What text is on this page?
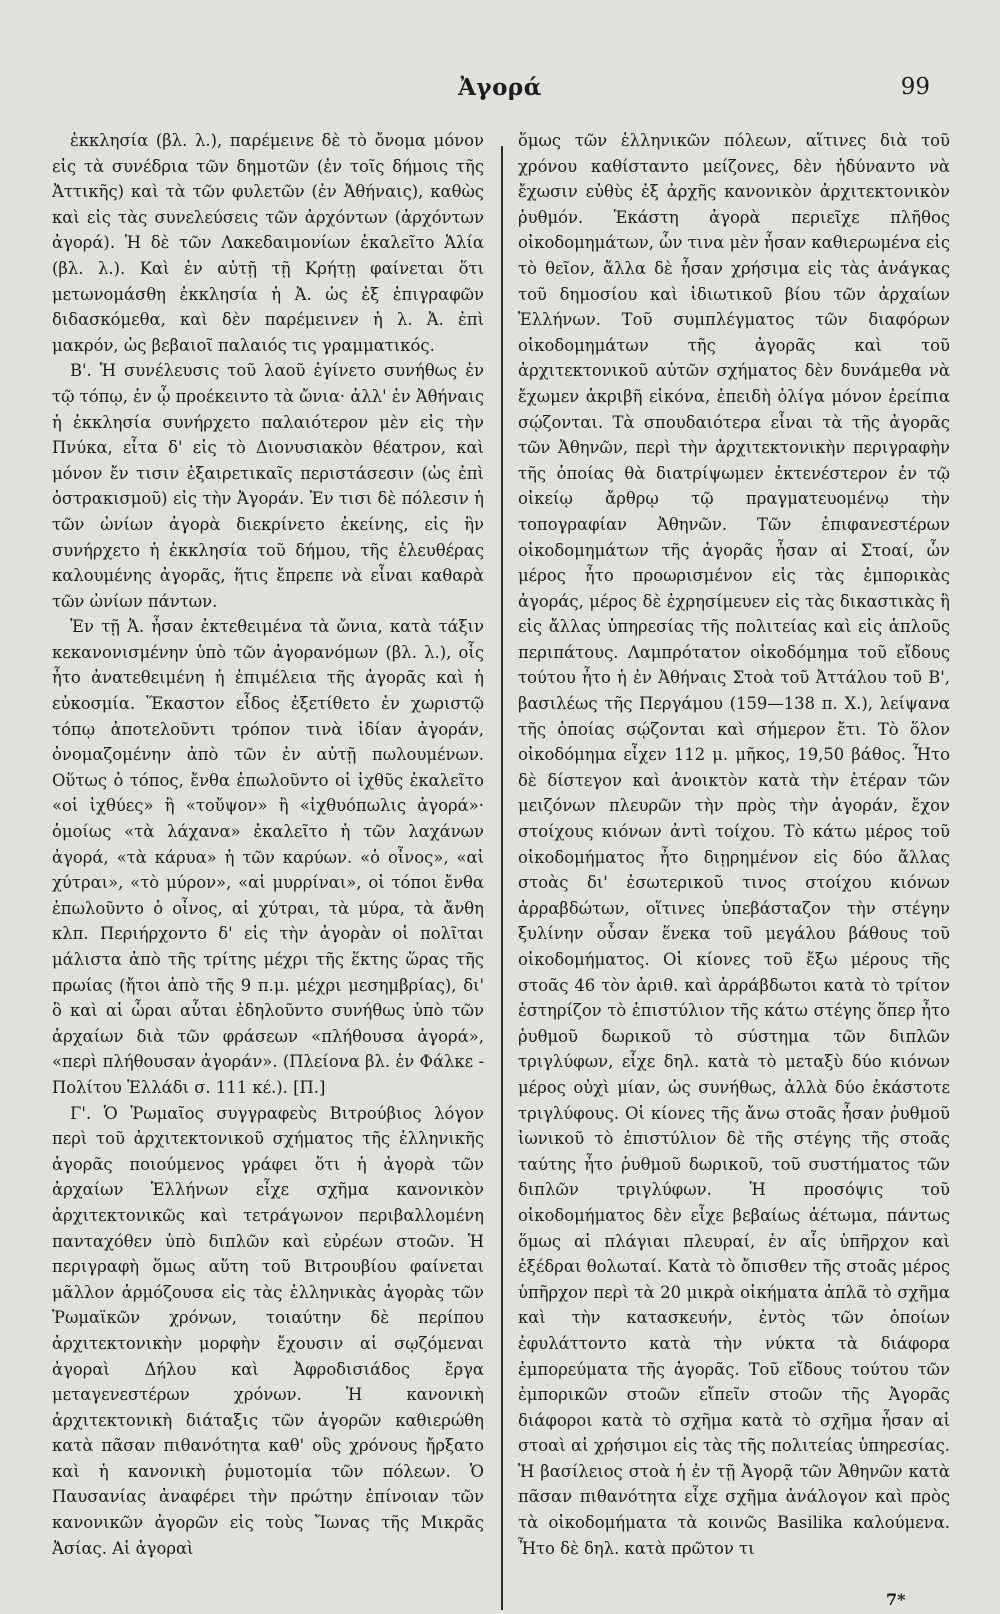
Ἀγορά	99

ἐκκλησία (βλ. λ.), παρέμεινε δὲ τὸ ὄνομα μόνον εἰς τὰ συνέδρια τῶν δημοτῶν (ἐν τοῖς δήμοις τῆς Ἀττικῆς) καὶ τὰ τῶν φυλετῶν (ἐν Ἀθήναις), καθὼς καὶ εἰς τὰς συνελεύσεις τῶν ἀρχόντων (ἀρχόντων ἀγορά). Ἡ δὲ τῶν Λακεδαιμονίων ἐκαλεῖτο Ἁλία (βλ. λ.). Καὶ ἐν αὐτῇ τῇ Κρήτῃ φαίνεται ὅτι μετωνομάσθη ἐκκλησία ἡ Ἀ. ὡς ἐξ ἐπιγραφῶν διδασκόμεθα, καὶ δὲν παρέμεινεν ἡ λ. Ἀ. ἐπὶ μακρόν, ὡς βεβαιοῖ παλαιός τις γραμματικός.

Β'. Ἡ συνέλευσις τοῦ λαοῦ ἐγίνετο συνήθως ἐν τῷ τόπῳ, ἐν ᾧ προέκειντο τὰ ὤνια· ἀλλ' ἐν Ἀθήναις ἡ ἐκκλησία συνήρχετο παλαιότερον μὲν εἰς τὴν Πνύκα, εἶτα δ' εἰς τὸ Διονυσιακὸν θέατρον, καὶ μόνον ἔν τισιν ἐξαιρετικαῖς περιστάσεσιν (ὡς ἐπὶ ὀστρακισμοῦ) εἰς τὴν Ἀγοράν. Ἐν τισι δὲ πόλεσιν ἡ τῶν ὠνίων ἀγορὰ διεκρίνετο ἐκείνης, εἰς ἣν συνήρχετο ἡ ἐκκλησία τοῦ δήμου, τῆς ἐλευθέρας καλουμένης ἀγορᾶς, ἥτις ἔπρεπε νὰ εἶναι καθαρὰ τῶν ὠνίων πάντων.

Ἐν τῇ Ἀ. ἦσαν ἐκτεθειμένα τὰ ὤνια, κατὰ τάξιν κεκανονισμένην ὑπὸ τῶν ἀγορανόμων (βλ. λ.), οἷς ἦτο ἀνατεθειμένη ἡ ἐπιμέλεια τῆς ἀγορᾶς καὶ ἡ εὐκοσμία. Ἕκαστον εἶδος ἐξετίθετο ἐν χωριστῷ τόπῳ ἀποτελοῦντι τρόπον τινὰ ἰδίαν ἀγοράν, ὀνομαζομένην ἀπὸ τῶν ἐν αὐτῇ πωλουμένων. Οὕτως ὁ τόπος, ἔνθα ἐπωλοῦντο οἱ ἰχθῦς ἐκαλεῖτο «οἱ ἰχθύες» ἢ «τοὔψον» ἢ «ἰχθυόπωλις ἀγορά»· ὁμοίως «τὰ λάχανα» ἐκαλεῖτο ἡ τῶν λαχάνων ἀγορά, «τὰ κάρυα» ἡ τῶν καρύων. «ὁ οἶνος», «αἱ χύτραι», «τὸ μύρον», «αἱ μυρρίναι», οἱ τόποι ἔνθα ἐπωλοῦντο ὁ οἶνος, αἱ χύτραι, τὰ μύρα, τὰ ἄνθη κλπ. Περιήρχοντο δ' εἰς τὴν ἀγορὰν οἱ πολῖται μάλιστα ἀπὸ τῆς τρίτης μέχρι τῆς ἕκτης ὥρας τῆς πρωίας (ἤτοι ἀπὸ τῆς 9 π.μ. μέχρι μεσημβρίας), δι' ὃ καὶ αἱ ὧραι αὗται ἐδηλοῦντο συνήθως ὑπὸ τῶν ἀρχαίων διὰ τῶν φράσεων «πλήθουσα ἀγορά», «περὶ πλήθουσαν ἀγοράν». (Πλείονα βλ. ἐν Φάλκε - Πολίτου Ἑλλάδι σ. 111 κέ.). [Π.]

Γ'. Ὁ Ῥωμαῖος συγγραφεὺς Βιτρούβιος λόγον περὶ τοῦ ἀρχιτεκτονικοῦ σχήματος τῆς ἑλληνικῆς ἀγορᾶς ποιούμενος γράφει ὅτι ἡ ἀγορὰ τῶν ἀρχαίων Ἑλλήνων εἶχε σχῆμα κανονικὸν ἀρχιτεκτονικῶς καὶ τετράγωνον περιβαλλομένη πανταχόθεν ὑπὸ διπλῶν καὶ εὐρέων στοῶν. Ἡ περιγραφὴ ὅμως αὕτη τοῦ Βιτρουβίου φαίνεται μᾶλλον ἁρμόζουσα εἰς τὰς ἑλληνικὰς ἀγορὰς τῶν Ῥωμαϊκῶν χρόνων, τοιαύτην δὲ περίπου ἀρχιτεκτονικὴν μορφὴν ἔχουσιν αἱ σῳζόμεναι ἀγοραὶ Δήλου καὶ Ἀφροδισιάδος ἔργα μεταγενεστέρων χρόνων. Ἡ κανονικὴ ἀρχιτεκτονικὴ διάταξις τῶν ἀγορῶν καθιερώθη κατὰ πᾶσαν πιθανότητα καθ' οὓς χρόνους ἤρξατο καὶ ἡ κανονικὴ ῥυμοτομία τῶν πόλεων. Ὁ Παυσανίας ἀναφέρει τὴν πρώτην ἐπίνοιαν τῶν κανονικῶν ἀγορῶν εἰς τοὺς Ἴωνας τῆς Μικρᾶς Ἀσίας. Αἱ ἀγοραὶ

ὅμως τῶν ἑλληνικῶν πόλεων, αἵτινες διὰ τοῦ χρόνου καθίσταντο μείζονες, δὲν ἠδύναντο νὰ ἔχωσιν εὐθὺς ἐξ ἀρχῆς κανονικὸν ἀρχιτεκτονικὸν ῥυθμόν. Ἑκάστη ἀγορὰ περιεῖχε πλῆθος οἰκοδομημάτων, ὧν τινα μὲν ἦσαν καθιερωμένα εἰς τὸ θεῖον, ἄλλα δὲ ἦσαν χρήσιμα εἰς τὰς ἀνάγκας τοῦ δημοσίου καὶ ἰδιωτικοῦ βίου τῶν ἀρχαίων Ἑλλήνων. Τοῦ συμπλέγματος τῶν διαφόρων οἰκοδομημάτων τῆς ἀγορᾶς καὶ τοῦ ἀρχιτεκτονικοῦ αὐτῶν σχήματος δὲν δυνάμεθα νὰ ἔχωμεν ἀκριβῆ εἰκόνα, ἐπειδὴ ὀλίγα μόνον ἐρείπια σῴζονται. Τὰ σπουδαιότερα εἶναι τὰ τῆς ἀγορᾶς τῶν Ἀθηνῶν, περὶ τὴν ἀρχιτεκτονικὴν περιγραφὴν τῆς ὁποίας θὰ διατρίψωμεν ἐκτενέστερον ἐν τῷ οἰκείῳ ἄρθρῳ τῷ πραγματευομένῳ τὴν τοπογραφίαν Ἀθηνῶν. Τῶν ἐπιφανεστέρων οἰκοδομημάτων τῆς ἀγορᾶς ἦσαν αἱ Στοαί, ὧν μέρος ἦτο προωρισμένον εἰς τὰς ἐμπορικὰς ἀγοράς, μέρος δὲ ἐχρησίμευεν εἰς τὰς δικαστικὰς ἢ εἰς ἄλλας ὑπηρεσίας τῆς πολιτείας καὶ εἰς ἁπλοῦς περιπάτους. Λαμπρότατον οἰκοδόμημα τοῦ εἴδους τούτου ἦτο ἡ ἐν Ἀθήναις Στοὰ τοῦ Ἀττάλου τοῦ Β', βασιλέως τῆς Περγάμου (159—138 π. Χ.), λείψανα τῆς ὁποίας σῴζονται καὶ σήμερον ἔτι. Τὸ ὅλον οἰκοδόμημα εἶχεν 112 μ. μῆκος, 19,50 βάθος. Ἦτο δὲ δίστεγον καὶ ἀνοικτὸν κατὰ τὴν ἑτέραν τῶν μειζόνων πλευρῶν τὴν πρὸς τὴν ἀγοράν, ἔχον στοίχους κιόνων ἀντὶ τοίχου. Τὸ κάτω μέρος τοῦ οἰκοδομήματος ἦτο διῃρημένον εἰς δύο ἄλλας στοὰς δι' ἐσωτερικοῦ τινος στοίχου κιόνων ἀρραβδώτων, οἵτινες ὑπεβάσταζον τὴν στέγην ξυλίνην οὖσαν ἕνεκα τοῦ μεγάλου βάθους τοῦ οἰκοδομήματος. Οἱ κίονες τοῦ ἔξω μέρους τῆς στοᾶς 46 τὸν ἀριθ. καὶ ἀρράβδωτοι κατὰ τὸ τρίτον ἐστηρίζον τὸ ἐπιστύλιον τῆς κάτω στέγης ὅπερ ἦτο ῥυθμοῦ δωρικοῦ τὸ σύστημα τῶν διπλῶν τριγλύφων, εἶχε δηλ. κατὰ τὸ μεταξὺ δύο κιόνων μέρος οὐχὶ μίαν, ὡς συνήθως, ἀλλὰ δύο ἑκάστοτε τριγλύφους. Οἱ κίονες τῆς ἄνω στοᾶς ἦσαν ῥυθμοῦ ἰωνικοῦ τὸ ἐπιστύλιον δὲ τῆς στέγης τῆς στοᾶς ταύτης ἦτο ῥυθμοῦ δωρικοῦ, τοῦ συστήματος τῶν διπλῶν τριγλύφων. Ἡ προσόψις τοῦ οἰκοδομήματος δὲν εἶχε βεβαίως ἀέτωμα, πάντως ὅμως αἱ πλάγιαι πλευραί, ἐν αἷς ὑπῆρχον καὶ ἐξέδραι θολωταί. Κατὰ τὸ ὄπισθεν τῆς στοᾶς μέρος ὑπῆρχον περὶ τὰ 20 μικρὰ οἰκήματα ἁπλᾶ τὸ σχῆμα καὶ τὴν κατασκευήν, ἐντὸς τῶν ὁποίων ἐφυλάττοντο κατὰ τὴν νύκτα τὰ διάφορα ἐμπορεύματα τῆς ἀγορᾶς. Τοῦ εἴδους τούτου τῶν ἐμπορικῶν στοῶν εἴπεῖν στοῶν τῆς Ἀγορᾶς διάφοροι κατὰ τὸ σχῆμα κατὰ τὸ σχῆμα ἦσαν αἱ στοαὶ αἱ χρήσιμοι εἰς τὰς τῆς πολιτείας ὑπηρεσίας. Ἡ βασίλειος στοὰ ἡ ἐν τῇ Ἀγορᾷ τῶν Ἀθηνῶν κατὰ πᾶσαν πιθανότητα εἶχε σχῆμα ἀνάλογον καὶ πρὸς τὰ οἰκοδομήματα τὰ κοινῶς Basilika καλούμενα. Ἦτο δὲ δηλ. κατὰ πρῶτον τι

7*
